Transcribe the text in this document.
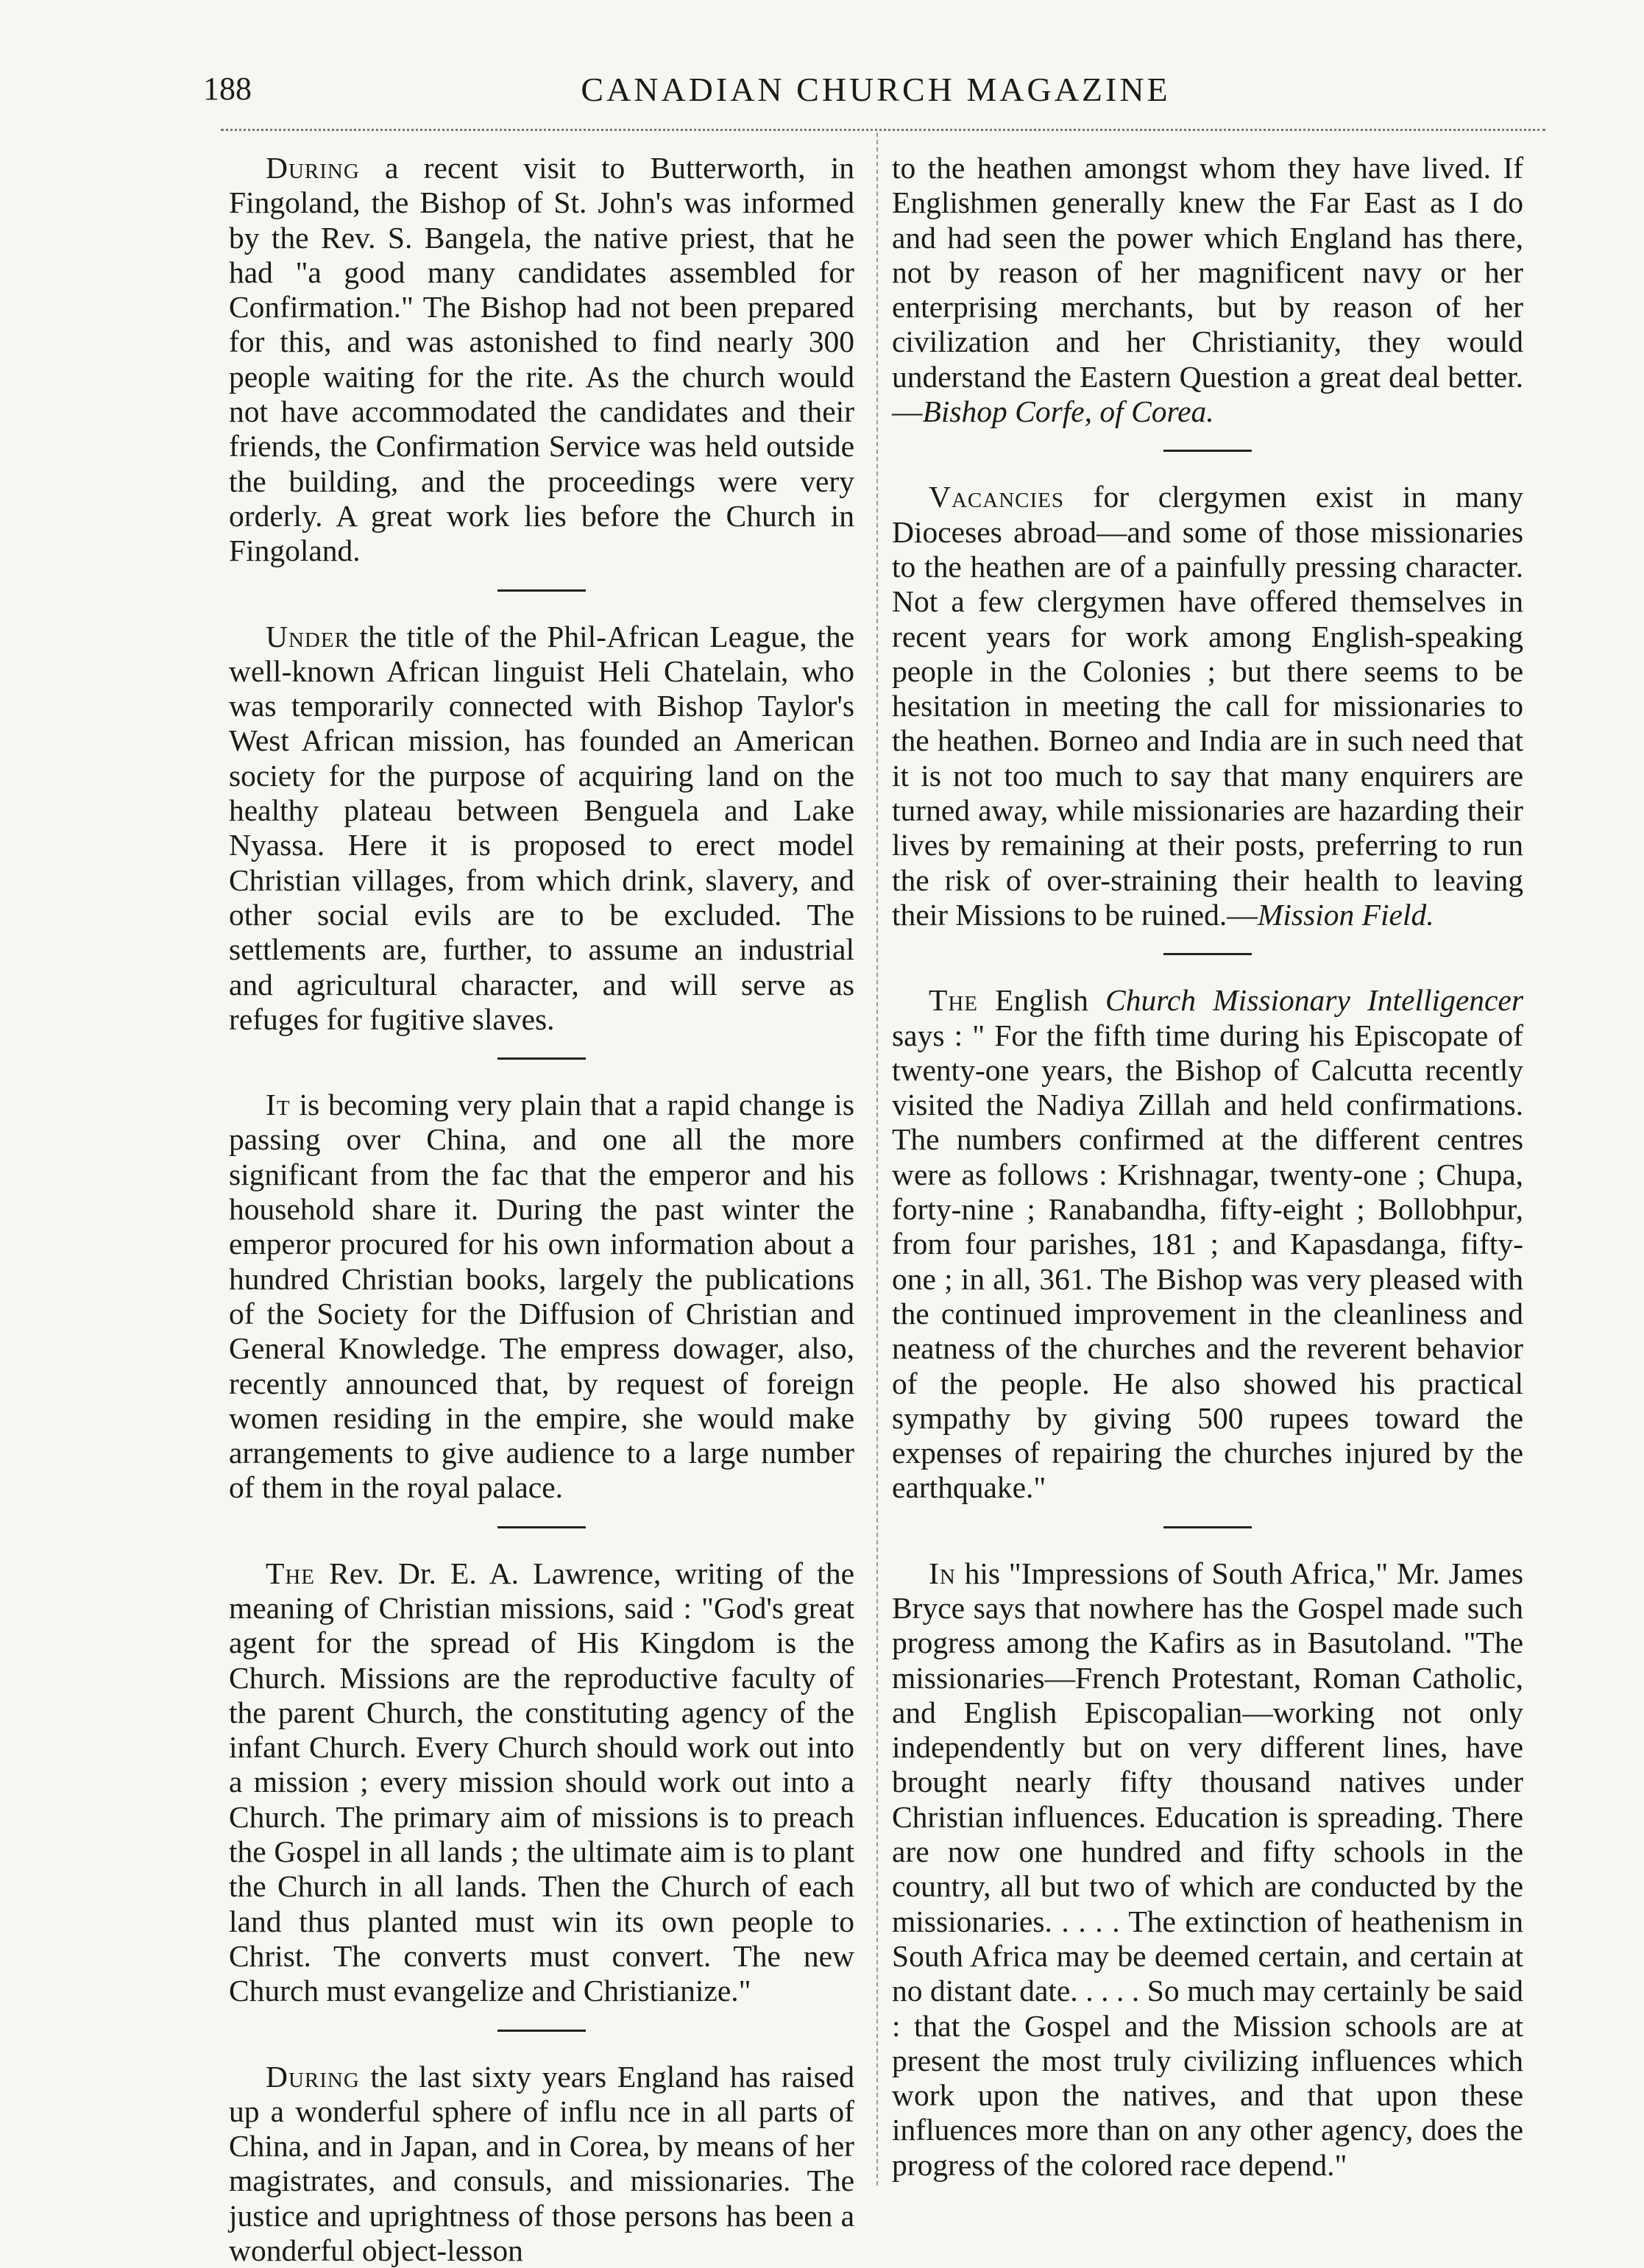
188	CANADIAN CHURCH MAGAZINE

During a recent visit to Butterworth, in Fingoland, the Bishop of St. John's was informed by the Rev. S. Bangela, the native priest, that he had "a good many candidates assembled for Confirmation." The Bishop had not been prepared for this, and was astonished to find nearly 300 people waiting for the rite. As the church would not have accommodated the candidates and their friends, the Confirmation Service was held outside the building, and the proceedings were very orderly. A great work lies before the Church in Fingoland.

Under the title of the Phil-African League, the well-known African linguist Heli Chatelain, who was temporarily connected with Bishop Taylor's West African mission, has founded an American society for the purpose of acquiring land on the healthy plateau between Benguela and Lake Nyassa. Here it is proposed to erect model Christian villages, from which drink, slavery, and other social evils are to be excluded. The settlements are, further, to assume an industrial and agricultural character, and will serve as refuges for fugitive slaves.

It is becoming very plain that a rapid change is passing over China, and one all the more significant from the fac that the emperor and his household share it. During the past winter the emperor procured for his own information about a hundred Christian books, largely the publications of the Society for the Diffusion of Christian and General Knowledge. The empress dowager, also, recently announced that, by request of foreign women residing in the empire, she would make arrangements to give audience to a large number of them in the royal palace.

The Rev. Dr. E. A. Lawrence, writing of the meaning of Christian missions, said : "God's great agent for the spread of His Kingdom is the Church. Missions are the reproductive faculty of the parent Church, the constituting agency of the infant Church. Every Church should work out into a mission ; every mission should work out into a Church. The primary aim of missions is to preach the Gospel in all lands ; the ultimate aim is to plant the Church in all lands. Then the Church of each land thus planted must win its own people to Christ. The converts must convert. The new Church must evangelize and Christianize."

During the last sixty years England has raised up a wonderful sphere of influ nce in all parts of China, and in Japan, and in Corea, by means of her magistrates, and consuls, and missionaries. The justice and uprightness of those persons has been a wonderful object-lesson

to the heathen amongst whom they have lived. If Englishmen generally knew the Far East as I do and had seen the power which England has there, not by reason of her magnificent navy or her enterprising merchants, but by reason of her civilization and her Christianity, they would understand the Eastern Question a great deal better.—Bishop Corfe, of Corea.

Vacancies for clergymen exist in many Dioceses abroad—and some of those missionaries to the heathen are of a painfully pressing character. Not a few clergymen have offered themselves in recent years for work among English-speaking people in the Colonies ; but there seems to be hesitation in meeting the call for missionaries to the heathen. Borneo and India are in such need that it is not too much to say that many enquirers are turned away, while missionaries are hazarding their lives by remaining at their posts, preferring to run the risk of over-straining their health to leaving their Missions to be ruined.—Mission Field.

The English Church Missionary Intelligencer says : " For the fifth time during his Episcopate of twenty-one years, the Bishop of Calcutta recently visited the Nadiya Zillah and held confirmations. The numbers confirmed at the different centres were as follows : Krishnagar, twenty-one ; Chupa, forty-nine ; Ranabandha, fifty-eight ; Bollobhpur, from four parishes, 181 ; and Kapasdanga, fifty-one ; in all, 361. The Bishop was very pleased with the continued improvement in the cleanliness and neatness of the churches and the reverent behavior of the people. He also showed his practical sympathy by giving 500 rupees toward the expenses of repairing the churches injured by the earthquake."

In his "Impressions of South Africa," Mr. James Bryce says that nowhere has the Gospel made such progress among the Kafirs as in Basutoland. "The missionaries—French Protestant, Roman Catholic, and English Episcopalian—working not only independently but on very different lines, have brought nearly fifty thousand natives under Christian influences. Education is spreading. There are now one hundred and fifty schools in the country, all but two of which are conducted by the missionaries. . . . . The extinction of heathenism in South Africa may be deemed certain, and certain at no distant date. . . . . So much may certainly be said : that the Gospel and the Mission schools are at present the most truly civilizing influences which work upon the natives, and that upon these influences more than on any other agency, does the progress of the colored race depend."
